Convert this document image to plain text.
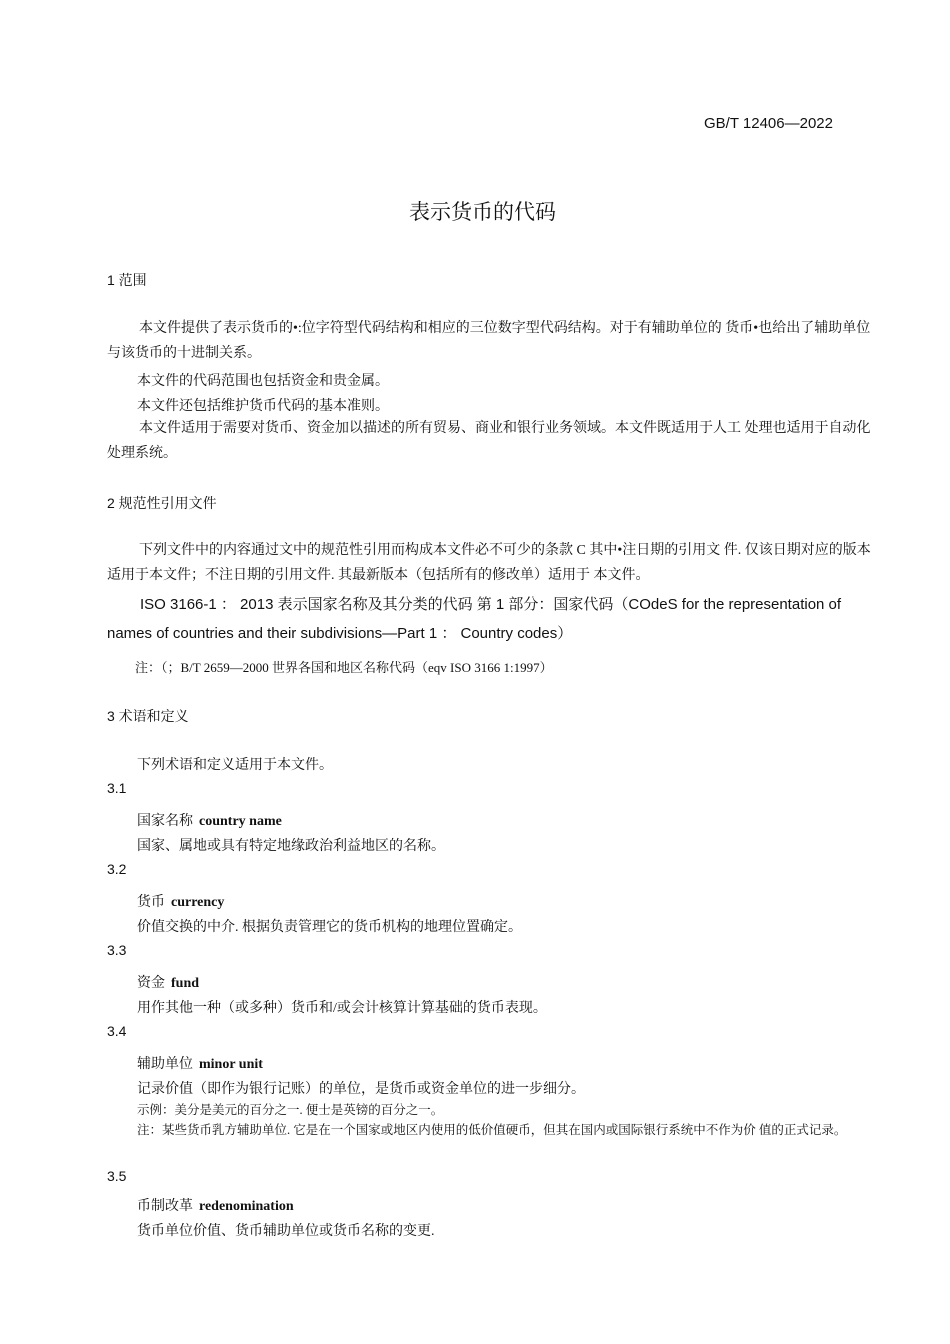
GB/T 12406—2022
表示货币的代码
1 范围
本文件提供了表示货币的•:位字符型代码结构和相应的三位数字型代码结构。对于有辅助单位的 货币•也给出了辅助单位与该货币的十进制关系。
本文件的代码范围也包括资金和贵金属。
本文件还包括维护货币代码的基本准则。
本文件适用于需要对货币、资金加以描述的所有贸易、商业和银行业务领域。本文件既适用于人工 处理也适用于自动化处理系统。
2 规范性引用文件
下列文件中的内容通过文中的规范性引用而构成本文件必不可少的条款 C 其中•注日期的引用文 件. 仅该日期对应的版本适用于本文件；不注日期的引用文件. 其最新版本（包括所有的修改单）适用于 本文件。
ISO 3166-1 ： 2013 表示国家名称及其分类的代码 第 1 部分：国家代码（COdeS for the representation of names of countries and their subdivisions—Part 1 ： Country codes）
注：（；B/T 2659—2000 世界各国和地区名称代码（eqv ISO 3166 1:1997）
3 术语和定义
下列术语和定义适用于本文件。
3.1
国家名称 country name
国家、属地或具有特定地缘政治利益地区的名称。
3.2
货币 currency
价值交换的中介. 根据负责管理它的货币机构的地理位置确定。
3.3
资金 fund
用作其他一种（或多种）货币和/或会计核算计算基础的货币表现。
3.4
辅助单位 minor unit
记录价值（即作为银行记账）的单位，是货币或资金单位的进一步细分。
示例：美分是美元的百分之一. 便士是英镑的百分之一。
注：某些货币乳方辅助单位. 它是在一个国家或地区内使用的低价值硬币，但其在国内或国际银行系统中不作为价 值的正式记录。
3.5
币制改革 redenomination
货币单位价值、货币辅助单位或货币名称的变更.
